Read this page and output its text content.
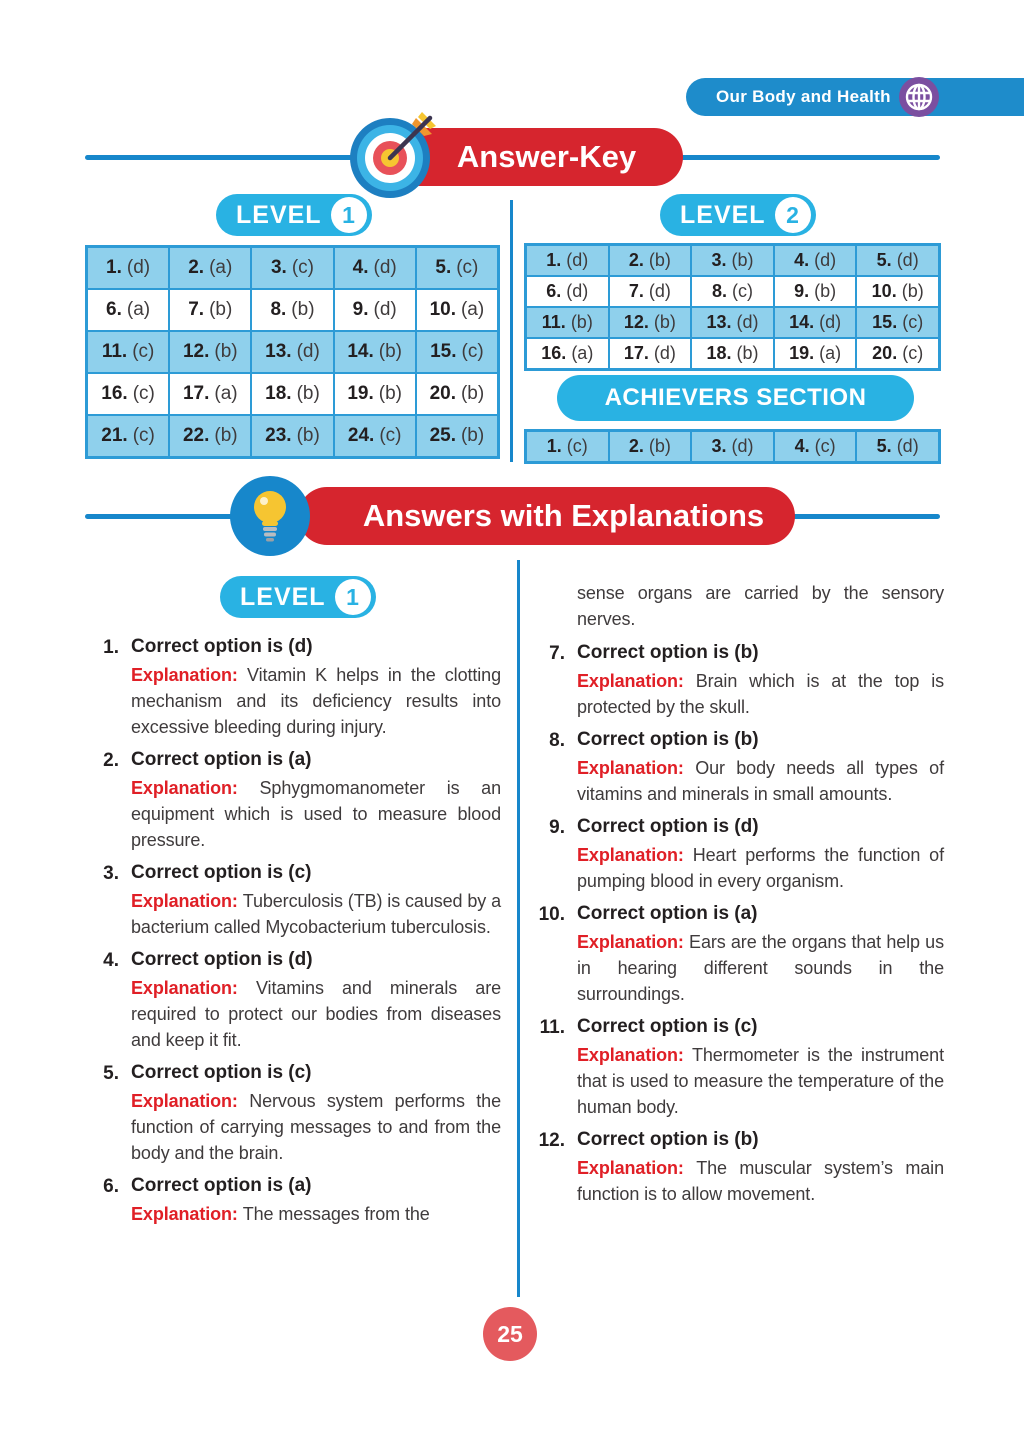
Our Body and Health
Answer-Key
LEVEL 1	LEVEL 2
1. (d) 2. (a) 3. (c) 4. (d) 5. (c)
6. (a) 7. (b) 8. (b) 9. (d) 10. (a)
11. (c) 12. (b) 13. (d) 14. (b) 15. (c)
16. (c) 17. (a) 18. (b) 19. (b) 20. (b)
21. (c) 22. (b) 23. (b) 24. (c) 25. (b)
1. (d) 2. (b) 3. (b) 4. (d) 5. (d)
6. (d) 7. (d) 8. (c) 9. (b) 10. (b)
11. (b) 12. (b) 13. (d) 14. (d) 15. (c)
16. (a) 17. (d) 18. (b) 19. (a) 20. (c)
ACHIEVERS SECTION
1. (c) 2. (b) 3. (d) 4. (c) 5. (d)
Answers with Explanations
LEVEL 1
1. Correct option is (d)

Explanation: Vitamin K helps in the clotting mechanism and its deficiency results into excessive bleeding during injury.

2. Correct option is (a)

Explanation: Sphygmomanometer is an equipment which is used to measure blood pressure.

3. Correct option is (c)

Explanation: Tuberculosis (TB) is caused by a bacterium called Mycobacterium tuberculosis.

4. Correct option is (d)

Explanation: Vitamins and minerals are required to protect our bodies from diseases and keep it fit.

5. Correct option is (c)

Explanation: Nervous system performs the function of carrying messages to and from the body and the brain.

6. Correct option is (a)

Explanation: The messages from the

sense organs are carried by the sensory nerves.

7. Correct option is (b)

Explanation: Brain which is at the top is protected by the skull.

8. Correct option is (b)

Explanation: Our body needs all types of vitamins and minerals in small amounts.

9. Correct option is (d)

Explanation: Heart performs the function of pumping blood in every organism.

10. Correct option is (a)

Explanation: Ears are the organs that help us in hearing different sounds in the surroundings.

11. Correct option is (c)

Explanation: Thermometer is the instrument that is used to measure the temperature of the human body.

12. Correct option is (b)

Explanation: The muscular system’s main function is to allow movement.

25
